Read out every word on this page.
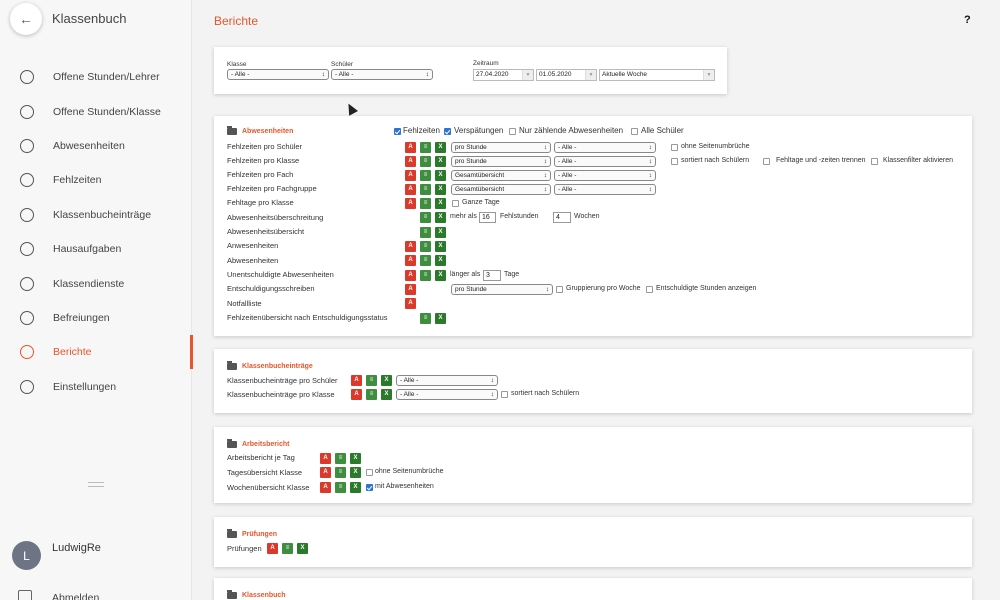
←	Klassenbuch
Offene Stunden/Lehrer
Offene Stunden/Klasse
Abwesenheiten
Fehlzeiten
Klassenbucheinträge
Hausaufgaben
Klassendienste
Befreiungen
Berichte
Einstellungen
L
LudwigRe
Abmelden
Berichte	?
Klasse
- Alle - ↕
Schüler
- Alle - ↕
Zeitraum
27.04.2020	▼	01.05.2020	▼	Aktuelle Woche	▼
Abwesenheiten	Fehlzeiten Verspätungen Nur zählende Abwesenheiten Alle Schüler
Fehlzeiten pro Schüler	A	≡	X	pro Stunde ↕	- Alle - ↕	ohne Seitenumbrüche
Fehlzeiten pro Klasse	A	≡	X	pro Stunde ↕	- Alle - ↕	sortiert nach Schülern	Fehltage und -zeiten trennen Klassenfilter aktivieren
Fehlzeiten pro Fach	A	≡	X	Gesamtübersicht ↕	- Alle - ↕
Fehlzeiten pro Fachgruppe	A	≡	X	Gesamtübersicht ↕	- Alle - ↕
Fehltage pro Klasse	A	≡	X	Ganze Tage
Abwesenheitsüberschreitung	≡	X	mehr als 16	Fehlstunden	4	Wochen
Abwesenheitsübersicht	≡	X
Anwesenheiten	A	≡	X
Abwesenheiten	A	≡	X
Unentschuldigte Abwesenheiten	A	≡	X	länger als 3	Tage
Entschuldigungsschreiben	A	pro Stunde ↕	Gruppierung pro Woche Entschuldigte Stunden anzeigen
Notfallliste	A
Fehlzeitenübersicht nach Entschuldigungsstatus	≡	X
Klassenbucheinträge
Klassenbucheinträge pro Schüler	A	≡	X	- Alle - ↕
Klassenbucheinträge pro Klasse	A	≡	X	- Alle - ↕	sortiert nach Schülern
Arbeitsbericht
Arbeitsbericht je Tag	A	≡	X
Tagesübersicht Klasse	A	≡	X	ohne Seitenumbrüche
Wochenübersicht Klasse	A	≡	X	mit Abwesenheiten
Prüfungen
Prüfungen	A	≡	X
Klassenbuch
